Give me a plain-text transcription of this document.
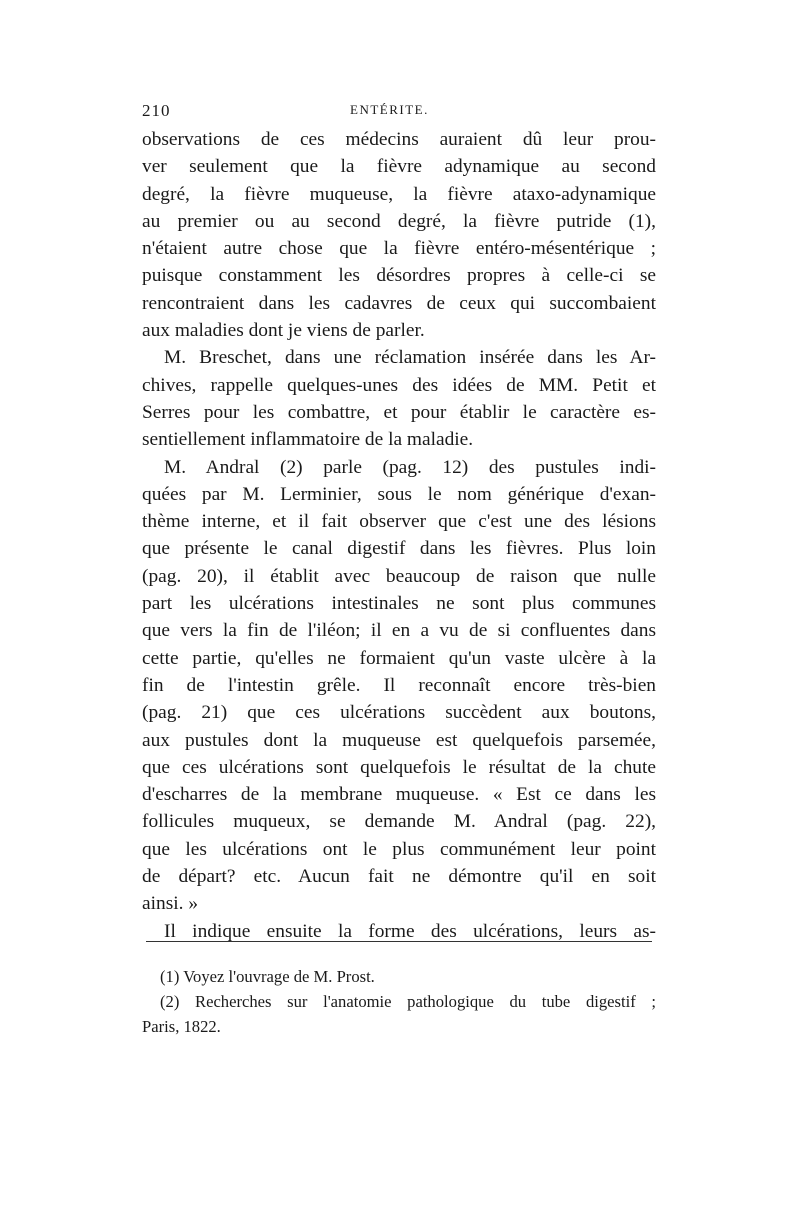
210	ENTÉRITE.

observations de ces médecins auraient dû leur prou-

ver seulement que la fièvre adynamique au second

degré, la fièvre muqueuse, la fièvre ataxo-adynamique

au premier ou au second degré, la fièvre putride (1),

n'étaient autre chose que la fièvre entéro-mésentérique ;

puisque constamment les désordres propres à celle-ci se

rencontraient dans les cadavres de ceux qui succombaient

aux maladies dont je viens de parler.

M. Breschet, dans une réclamation insérée dans les Ar-

chives, rappelle quelques-unes des idées de MM. Petit et

Serres pour les combattre, et pour établir le caractère es-

sentiellement inflammatoire de la maladie.

M. Andral (2) parle (pag. 12) des pustules indi-

quées par M. Lerminier, sous le nom générique d'exan-

thème interne, et il fait observer que c'est une des lésions

que présente le canal digestif dans les fièvres. Plus loin

(pag. 20), il établit avec beaucoup de raison que nulle

part les ulcérations intestinales ne sont plus communes

que vers la fin de l'iléon; il en a vu de si confluentes dans

cette partie, qu'elles ne formaient qu'un vaste ulcère à la

fin de l'intestin grêle. Il reconnaît encore très-bien

(pag. 21) que ces ulcérations succèdent aux boutons,

aux pustules dont la muqueuse est quelquefois parsemée,

que ces ulcérations sont quelquefois le résultat de la chute

d'escharres de la membrane muqueuse. « Est ce dans les

follicules muqueux, se demande M. Andral (pag. 22),

que les ulcérations ont le plus communément leur point

de départ? etc. Aucun fait ne démontre qu'il en soit

ainsi. »

Il indique ensuite la forme des ulcérations, leurs as-

(1) Voyez l'ouvrage de M. Prost.

(2) Recherches sur l'anatomie pathologique du tube digestif ;

Paris, 1822.
